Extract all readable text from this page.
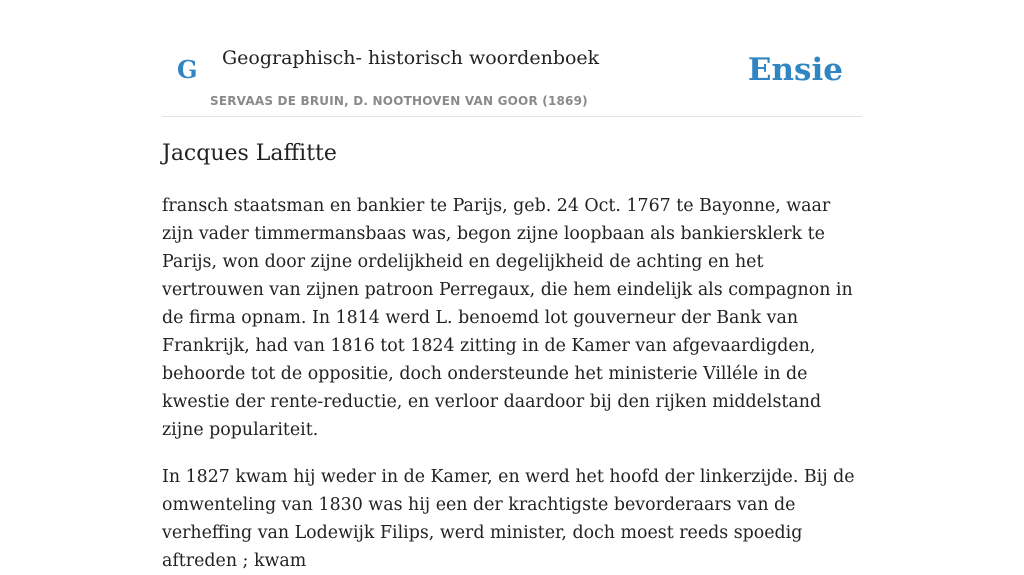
G Geographisch- historisch woordenboek
SERVAAS DE BRUIN, D. NOOTHOVEN VAN GOOR (1869)
Ensie
Jacques Laffitte

fransch staatsman en bankier te Parijs, geb. 24 Oct. 1767 te Bayonne, waar zijn vader timmermansbaas was, begon zijne loopbaan als bankiersklerk te Parijs, won door zijne ordelijkheid en degelijkheid de achting en het vertrouwen van zijnen patroon Perregaux, die hem eindelijk als compagnon in de firma opnam. In 1814 werd L. benoemd lot gouverneur der Bank van Frankrijk, had van 1816 tot 1824 zitting in de Kamer van afgevaardigden, behoorde tot de oppositie, doch ondersteunde het ministerie Villéle in de kwestie der rente-reductie, en verloor daardoor bij den rijken middelstand zijne populariteit.

In 1827 kwam hij weder in de Kamer, en werd het hoofd der linkerzijde. Bij de omwenteling van 1830 was hij een der krachtigste bevorderaars van de verheffing van Lodewijk Filips, werd minister, doch moest reeds spoedig aftreden ; kwam
